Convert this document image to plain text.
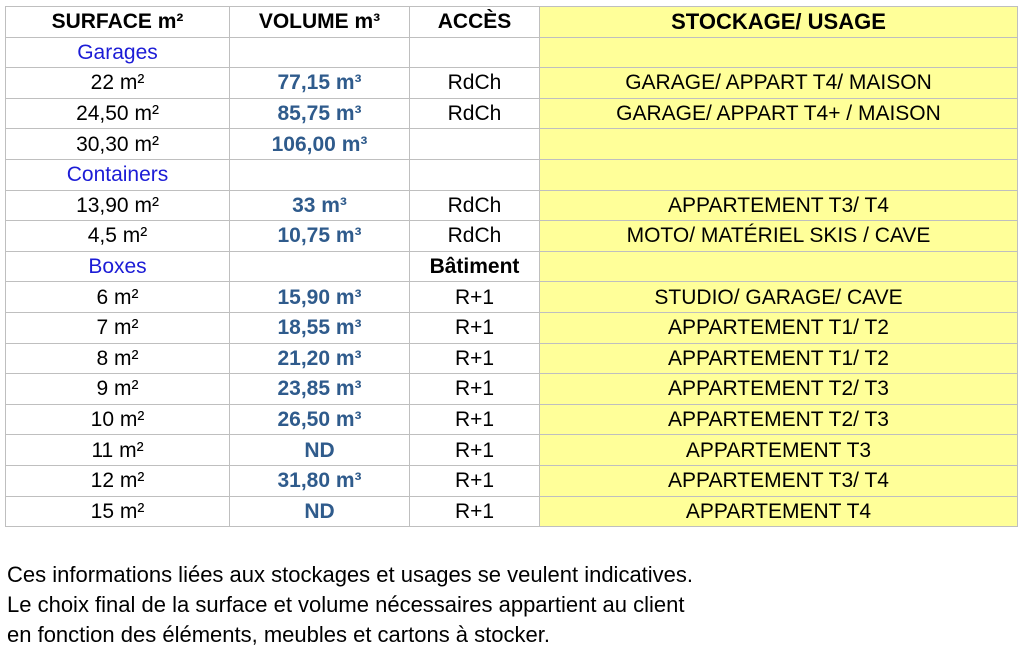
SURFACE m²	VOLUME m³	ACCÈS	STOCKAGE/ USAGE
Garages			
22 m²	77,15 m³	RdCh	GARAGE/ APPART T4/ MAISON
24,50 m²	85,75 m³	RdCh	GARAGE/ APPART T4+ / MAISON
30,30 m²	106,00 m³		
Containers			
13,90 m²	33 m³	RdCh	APPARTEMENT T3/ T4
4,5 m²	10,75 m³	RdCh	MOTO/ MATÉRIEL SKIS / CAVE
Boxes		Bâtiment	
6 m²	15,90 m³	R+1	STUDIO/ GARAGE/ CAVE
7 m²	18,55 m³	R+1	APPARTEMENT T1/ T2
8 m²	21,20 m³	R+1	APPARTEMENT T1/ T2
9 m²	23,85 m³	R+1	APPARTEMENT T2/ T3
10 m²	26,50 m³	R+1	APPARTEMENT T2/ T3
11 m²	ND	R+1	APPARTEMENT T3
12 m²	31,80 m³	R+1	APPARTEMENT T3/ T4
15 m²	ND	R+1	APPARTEMENT T4

Ces informations liées aux stockages et usages se veulent indicatives.

Le choix final de la surface et volume nécessaires appartient au client

en fonction des éléments, meubles et cartons à stocker.
